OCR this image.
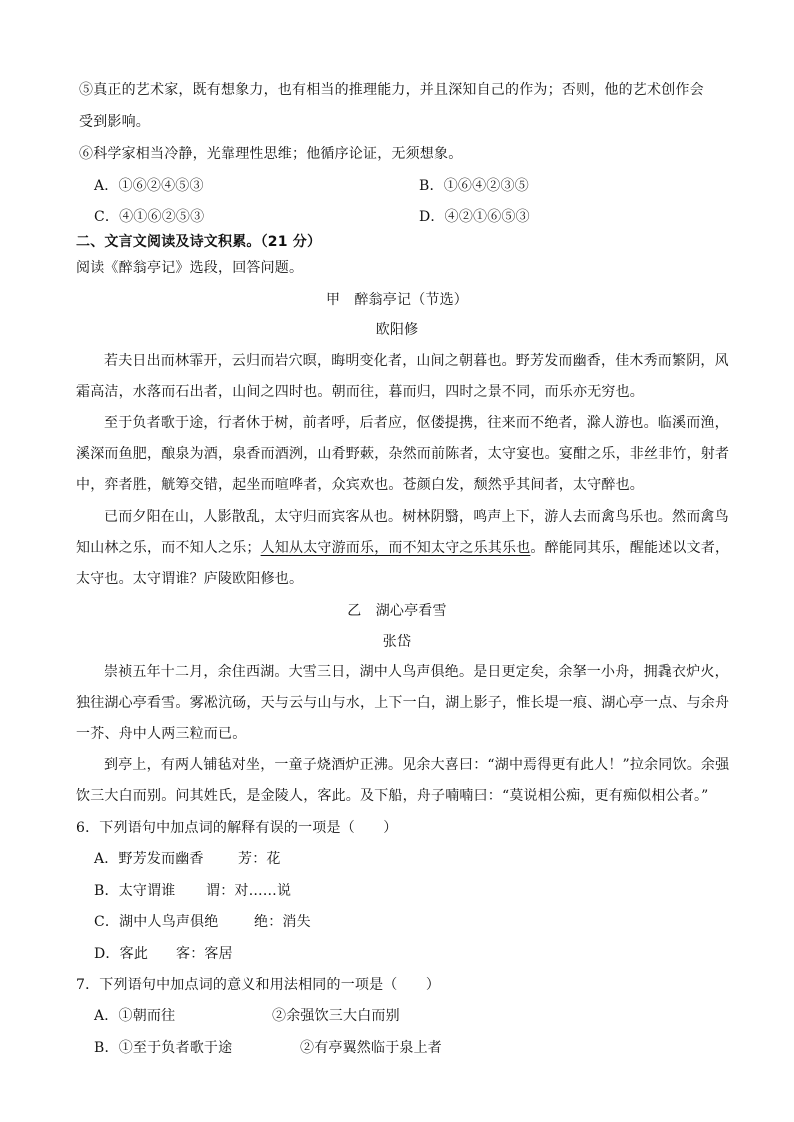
⑤真正的艺术家，既有想象力，也有相当的推理能力，并且深知自己的作为；否则，他的艺术创作会
受到影响。
⑥科学家相当冷静，光靠理性思维；他循序论证，无须想象。
A．①⑥②④⑤③	B．①⑥④②③⑤
C．④①⑥②⑤③	D．④②①⑥⑤③
二、文言文阅读及诗文积累。（21 分）
阅读《醉翁亭记》选段，回答问题。
甲　醉翁亭记（节选）
欧阳修
若夫日出而林霏开，云归而岩穴暝，晦明变化者，山间之朝暮也。野芳发而幽香，佳木秀而繁阴，风
霜高洁，水落而石出者，山间之四时也。朝而往，暮而归，四时之景不同，而乐亦无穷也。
至于负者歌于途，行者休于树，前者呼，后者应，伛偻提携，往来而不绝者，滁人游也。临溪而渔，
溪深而鱼肥，酿泉为酒，泉香而酒洌，山肴野蔌，杂然而前陈者，太守宴也。宴酣之乐，非丝非竹，射者
中，弈者胜，觥筹交错，起坐而喧哗者，众宾欢也。苍颜白发，颓然乎其间者，太守醉也。
已而夕阳在山，人影散乱，太守归而宾客从也。树林阴翳，鸣声上下，游人去而禽鸟乐也。然而禽鸟
知山林之乐，而不知人之乐；人知从太守游而乐，而不知太守之乐其乐也。醉能同其乐，醒能述以文者，
太守也。太守谓谁？庐陵欧阳修也。
乙　湖心亭看雪
张岱
崇祯五年十二月，余住西湖。大雪三日，湖中人鸟声俱绝。是日更定矣，余拏一小舟，拥毳衣炉火，
独往湖心亭看雪。雾凇沆砀，天与云与山与水，上下一白，湖上影子，惟长堤一痕、湖心亭一点、与余舟
一芥、舟中人两三粒而已。
到亭上，有两人铺毡对坐，一童子烧酒炉正沸。见余大喜曰：“湖中焉得更有此人！”拉余同饮。余强
饮三大白而别。问其姓氏，是金陵人，客此。及下船，舟子喃喃曰：“莫说相公痴，更有痴似相公者。”
6．下列语句中加点词的解释有误的一项是（　　）
A．野芳发而幽香 芳：花
B．太守谓谁 谓：对……说
C．湖中人鸟声俱绝	绝：消失
D．客此 客：客居
7．下列语句中加点词的意义和用法相同的一项是（　　）
A．①朝而往	②余强饮三大白而别
B．①至于负者歌于途	②有亭翼然临于泉上者
